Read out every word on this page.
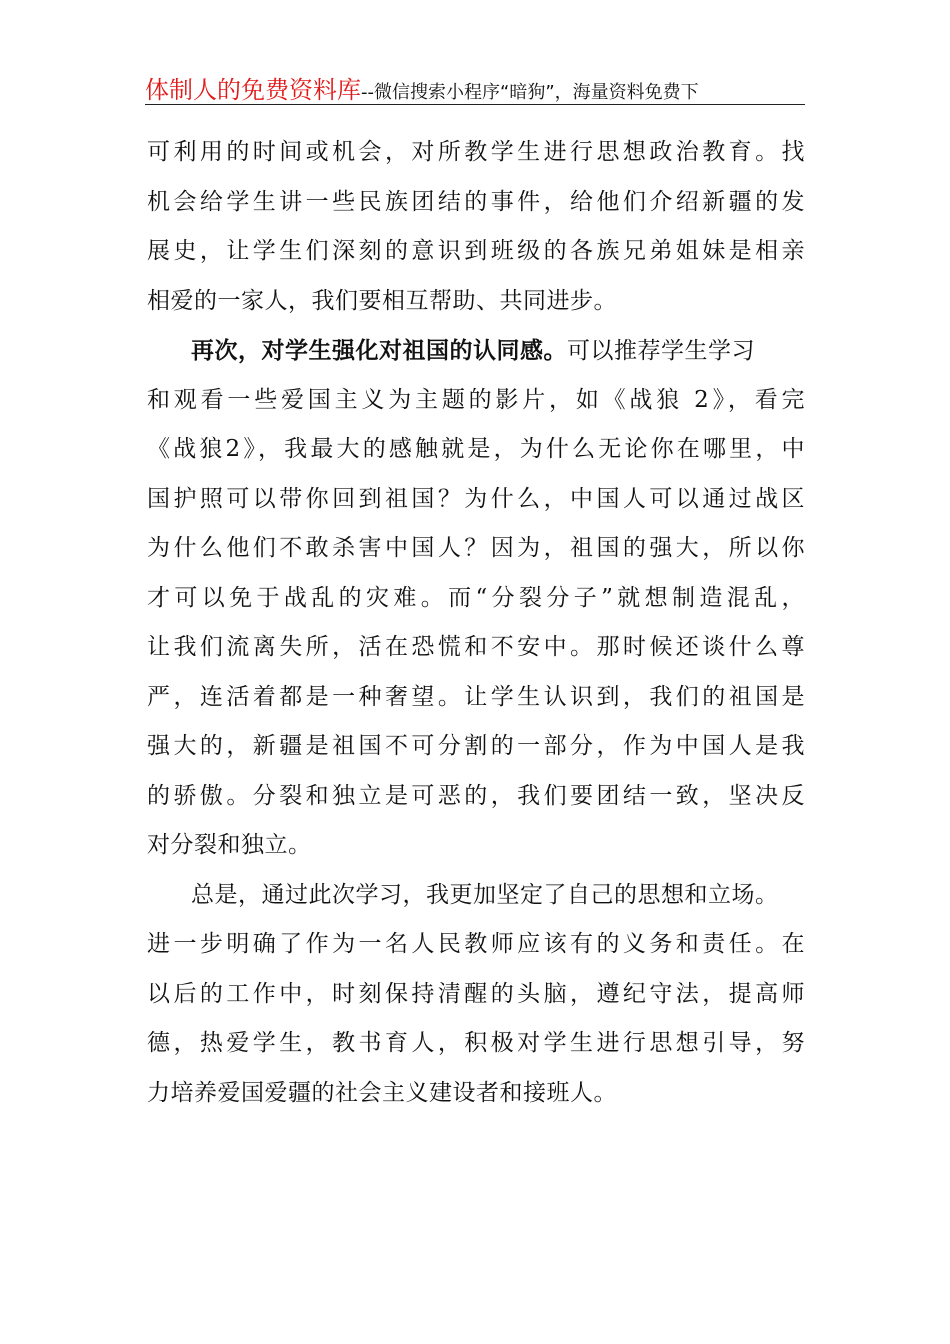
体制人的免费资料库--微信搜索小程序“暗狗”，海量资料免费下
可利用的时间或机会，对所教学生进行思想政治教育。找
机会给学生讲一些民族团结的事件，给他们介绍新疆的发
展史，让学生们深刻的意识到班级的各族兄弟姐妹是相亲
相爱的一家人，我们要相互帮助、共同进步。
再次，对学生强化对祖国的认同感。可以推荐学生学习
和观看一些爱国主义为主题的影片，如《战狼 2》，看完
《战狼2》，我最大的感触就是，为什么无论你在哪里，中
国护照可以带你回到祖国？为什么，中国人可以通过战区
为什么他们不敢杀害中国人？因为，祖国的强大，所以你
才可以免于战乱的灾难。而“分裂分子”就想制造混乱，
让我们流离失所，活在恐慌和不安中。那时候还谈什么尊
严，连活着都是一种奢望。让学生认识到，我们的祖国是
强大的，新疆是祖国不可分割的一部分，作为中国人是我
的骄傲。分裂和独立是可恶的，我们要团结一致，坚决反
对分裂和独立。
总是，通过此次学习，我更加坚定了自己的思想和立场。
进一步明确了作为一名人民教师应该有的义务和责任。在
以后的工作中，时刻保持清醒的头脑，遵纪守法，提高师
德，热爱学生，教书育人，积极对学生进行思想引导，努
力培养爱国爱疆的社会主义建设者和接班人。
